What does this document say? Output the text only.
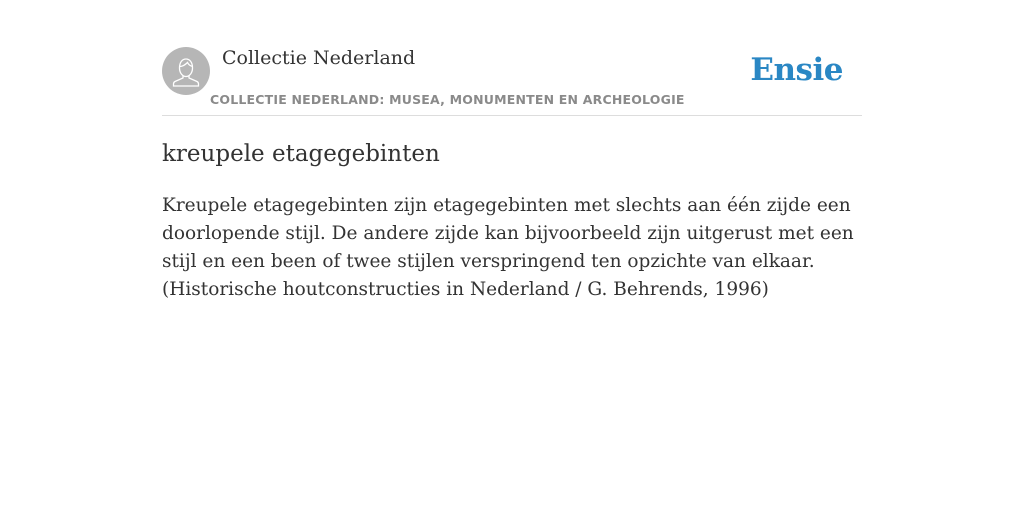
Collectie Nederland
COLLECTIE NEDERLAND: MUSEA, MONUMENTEN EN ARCHEOLOGIE
Ensie
kreupele etagegebinten

Kreupele etagegebinten zijn etagegebinten met slechts aan één zijde een doorlopende stijl. De andere zijde kan bijvoorbeeld zijn uitgerust met een stijl en een been of twee stijlen verspringend ten opzichte van elkaar. (Historische houtconstructies in Nederland / G. Behrends, 1996)
